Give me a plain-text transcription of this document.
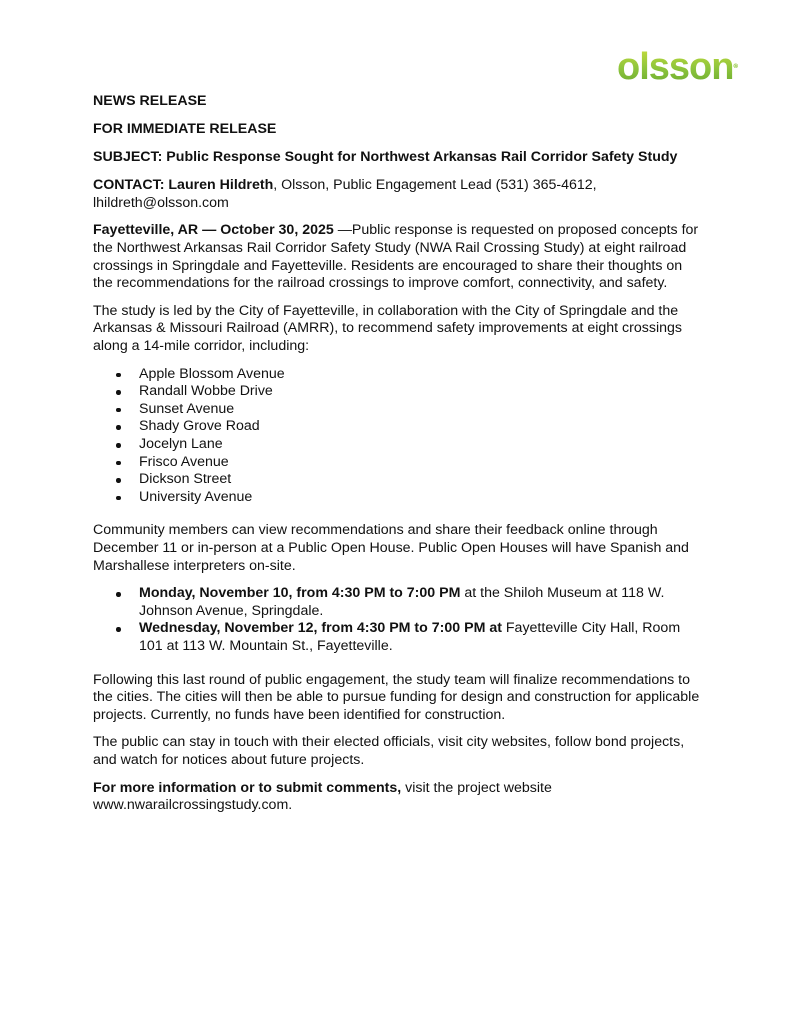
olsson®
NEWS RELEASE
FOR IMMEDIATE RELEASE
SUBJECT: Public Response Sought for Northwest Arkansas Rail Corridor Safety Study
CONTACT: Lauren Hildreth, Olsson, Public Engagement Lead (531) 365-4612,
lhildreth@olsson.com
Fayetteville, AR — October 30, 2025 —Public response is requested on proposed concepts for the Northwest Arkansas Rail Corridor Safety Study (NWA Rail Crossing Study) at eight railroad crossings in Springdale and Fayetteville. Residents are encouraged to share their thoughts on the recommendations for the railroad crossings to improve comfort, connectivity, and safety.
The study is led by the City of Fayetteville, in collaboration with the City of Springdale and the Arkansas & Missouri Railroad (AMRR), to recommend safety improvements at eight crossings along a 14-mile corridor, including:
Apple Blossom Avenue
Randall Wobbe Drive
Sunset Avenue
Shady Grove Road
Jocelyn Lane
Frisco Avenue
Dickson Street
University Avenue
Community members can view recommendations and share their feedback online through December 11 or in-person at a Public Open House. Public Open Houses will have Spanish and Marshallese interpreters on-site.
Monday, November 10, from 4:30 PM to 7:00 PM at the Shiloh Museum at 118 W. Johnson Avenue, Springdale.
Wednesday, November 12, from 4:30 PM to 7:00 PM at Fayetteville City Hall, Room 101 at 113 W. Mountain St., Fayetteville.
Following this last round of public engagement, the study team will finalize recommendations to the cities. The cities will then be able to pursue funding for design and construction for applicable projects. Currently, no funds have been identified for construction.
The public can stay in touch with their elected officials, visit city websites, follow bond projects, and watch for notices about future projects.
For more information or to submit comments, visit the project website
www.nwarailcrossingstudy.com.
